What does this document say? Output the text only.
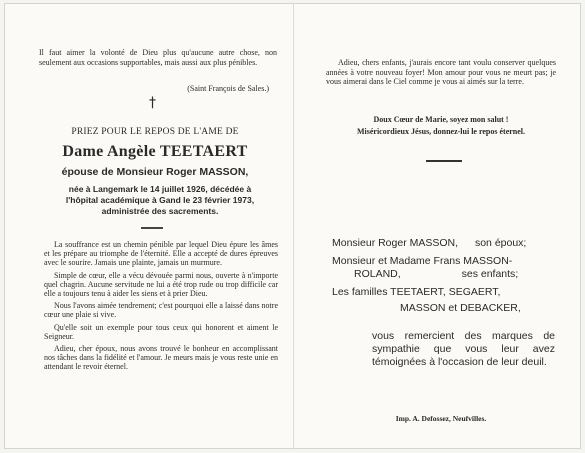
Il faut aimer la volonté de Dieu plus qu'aucune autre chose, non seulement aux occasions supportables, mais aussi aux plus pénibles.
(Saint François de Sales.)
†
PRIEZ POUR LE REPOS DE L'AME DE
Dame Angèle TEETAERT
épouse de Monsieur Roger MASSON,
née à Langemark le 14 juillet 1926, décédée à
l'hôpital académique à Gand le 23 février 1973,
administrée des sacrements.

La souffrance est un chemin pénible par lequel Dieu épure les âmes et les prépare au triomphe de l'éternité. Elle a accepté de dures épreuves avec le sourire. Jamais une plainte, jamais un murmure.

Simple de cœur, elle a vécu dévouée parmi nous, ouverte à n'importe quel chagrin. Aucune servitude ne lui a été trop rude ou trop difficile car elle a toujours tenu à aider les siens et à prier Dieu.

Nous l'avons aimée tendrement; c'est pourquoi elle a laissé dans notre cœur une plaie si vive.

Qu'elle soit un exemple pour tous ceux qui honorent et aiment le Seigneur.

Adieu, cher époux, nous avons trouvé le bonheur en accomplissant nos tâches dans la fidélité et l'amour. Je meurs mais je vous reste unie en attendant le revoir éternel.

Adieu, chers enfants, j'aurais encore tant voulu conserver quelques années à votre nouveau foyer! Mon amour pour vous ne meurt pas; je vous aimerai dans le Ciel comme je vous ai aimés sur la terre.

Doux Cœur de Marie, soyez mon salut !
Miséricordieux Jésus, donnez-lui le repos éternel.
Monsieur Roger MASSON, son époux;
Monsieur et Madame Frans MASSON-
ROLAND,	ses enfants;
Les familles TEETAERT, SEGAERT,
MASSON et DEBACKER,
vous remercient des marques de sympathie que vous leur avez témoignées à l'occasion de leur deuil.
Imp. A. Defossez, Neufvilles.
